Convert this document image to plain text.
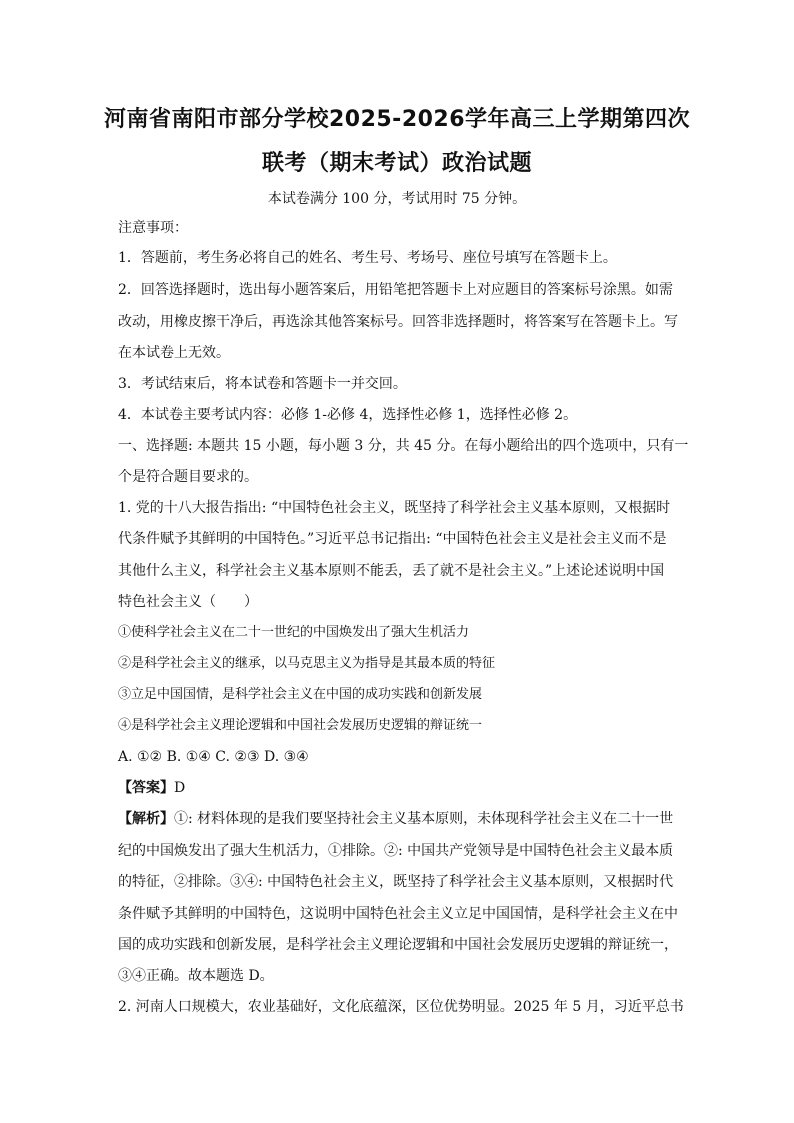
河南省南阳市部分学校2025-2026学年高三上学期第四次
联考（期末考试）政治试题
本试卷满分 100 分，考试用时 75 分钟。
注意事项：
1．答题前，考生务必将自己的姓名、考生号、考场号、座位号填写在答题卡上。
2．回答选择题时，选出每小题答案后，用铅笔把答题卡上对应题目的答案标号涂黑。如需
改动，用橡皮擦干净后，再选涂其他答案标号。回答非选择题时，将答案写在答题卡上。写
在本试卷上无效。
3．考试结束后，将本试卷和答题卡一并交回。
4．本试卷主要考试内容：必修 1-必修 4，选择性必修 1，选择性必修 2。
一、选择题: 本题共 15 小题，每小题 3 分，共 45 分。在每小题给出的四个选项中，只有一
个是符合题目要求的。
1. 党的十八大报告指出: “中国特色社会主义，既坚持了科学社会主义基本原则，又根据时
代条件赋予其鲜明的中国特色。”习近平总书记指出: “中国特色社会主义是社会主义而不是
其他什么主义，科学社会主义基本原则不能丢，丢了就不是社会主义。”上述论述说明中国
特色社会主义（　　）
①使科学社会主义在二十一世纪的中国焕发出了强大生机活力
②是科学社会主义的继承，以马克思主义为指导是其最本质的特征
③立足中国国情，是科学社会主义在中国的成功实践和创新发展
④是科学社会主义理论逻辑和中国社会发展历史逻辑的辩证统一
A. ①② B. ①④ C. ②③ D. ③④
【答案】D
【解析】①: 材料体现的是我们要坚持社会主义基本原则，未体现科学社会主义在二十一世
纪的中国焕发出了强大生机活力，①排除。②: 中国共产党领导是中国特色社会主义最本质
的特征，②排除。③④: 中国特色社会主义，既坚持了科学社会主义基本原则，又根据时代
条件赋予其鲜明的中国特色，这说明中国特色社会主义立足中国国情，是科学社会主义在中
国的成功实践和创新发展，是科学社会主义理论逻辑和中国社会发展历史逻辑的辩证统一，
③④正确。故本题选 D。
2. 河南人口规模大，农业基础好，文化底蕴深，区位优势明显。2025 年 5 月，习近平总书
